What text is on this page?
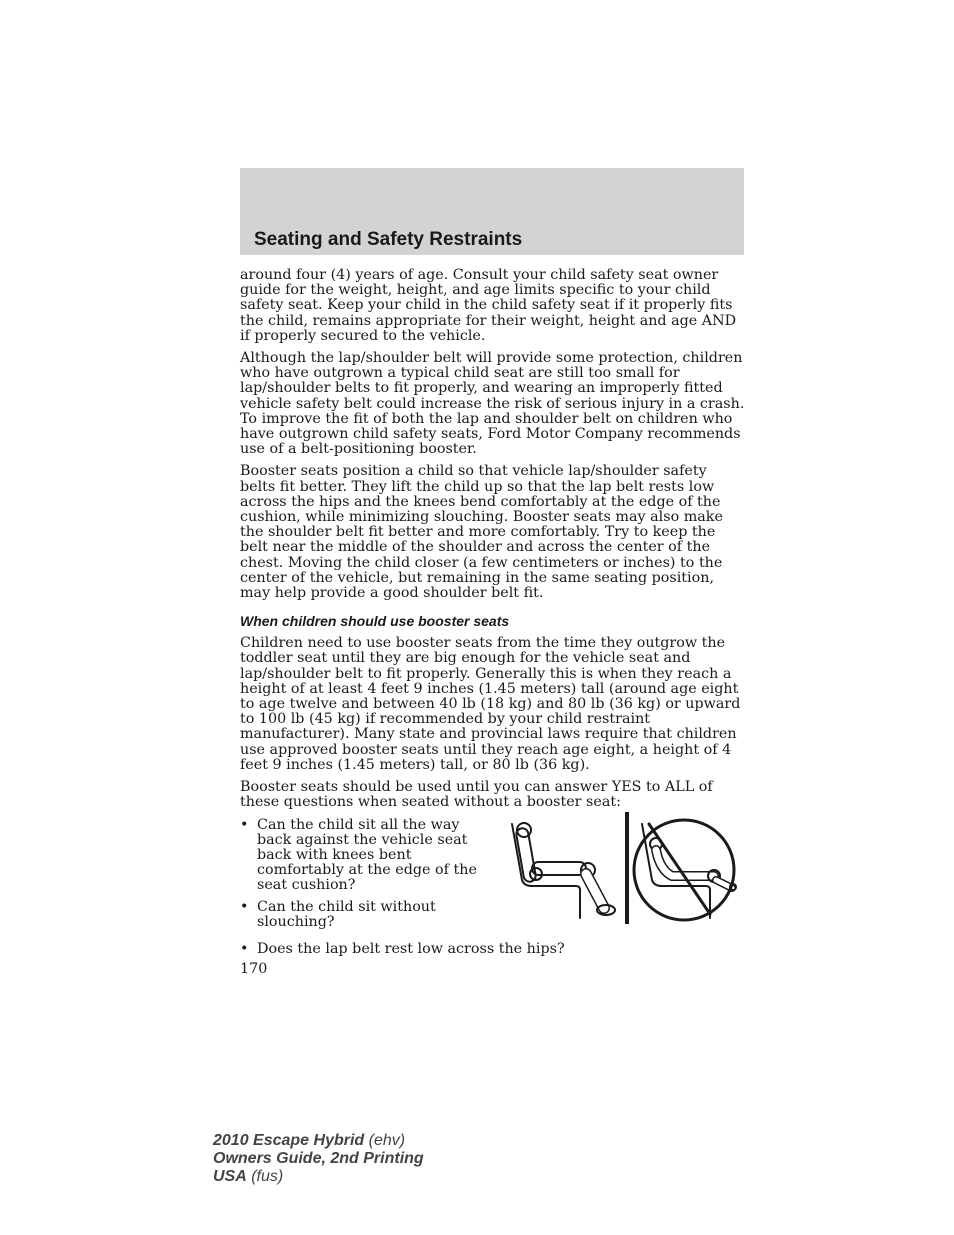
Seating and Safety Restraints

around four (4) years of age. Consult your child safety seat owner guide for the weight, height, and age limits specific to your child safety seat. Keep your child in the child safety seat if it properly fits the child, remains appropriate for their weight, height and age AND if properly secured to the vehicle.

Although the lap/shoulder belt will provide some protection, children who have outgrown a typical child seat are still too small for lap/shoulder belts to fit properly, and wearing an improperly fitted vehicle safety belt could increase the risk of serious injury in a crash. To improve the fit of both the lap and shoulder belt on children who have outgrown child safety seats, Ford Motor Company recommends use of a belt-positioning booster.

Booster seats position a child so that vehicle lap/shoulder safety belts fit better. They lift the child up so that the lap belt rests low across the hips and the knees bend comfortably at the edge of the cushion, while minimizing slouching. Booster seats may also make the shoulder belt fit better and more comfortably. Try to keep the belt near the middle of the shoulder and across the center of the chest. Moving the child closer (a few centimeters or inches) to the center of the vehicle, but remaining in the same seating position, may help provide a good shoulder belt fit.

When children should use booster seats

Children need to use booster seats from the time they outgrow the toddler seat until they are big enough for the vehicle seat and lap/shoulder belt to fit properly. Generally this is when they reach a height of at least 4 feet 9 inches (1.45 meters) tall (around age eight to age twelve and between 40 lb (18 kg) and 80 lb (36 kg) or upward to 100 lb (45 kg) if recommended by your child restraint manufacturer). Many state and provincial laws require that children use approved booster seats until they reach age eight, a height of 4 feet 9 inches (1.45 meters) tall, or 80 lb (36 kg).

Booster seats should be used until you can answer YES to ALL of these questions when seated without a booster seat:

• Can the child sit all the way back against the vehicle seat back with knees bent comfortably at the edge of the seat cushion?
• Can the child sit without slouching?
• Does the lap belt rest low across the hips?
170
2010 Escape Hybrid (ehv)
Owners Guide, 2nd Printing
USA (fus)
